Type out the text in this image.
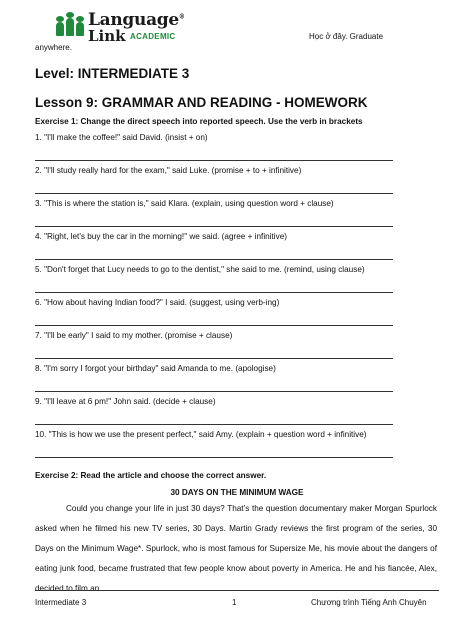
Language®
Link ACADEMIC	Học ở đây. Graduate
anywhere.
Level: INTERMEDIATE 3
Lesson 9: GRAMMAR AND READING - HOMEWORK
Exercise 1: Change the direct speech into reported speech. Use the verb in brackets
1. "I'll make the coffee!" said David. (insist + on)
2. "I'll study really hard for the exam," said Luke. (promise + to + infinitive)
3. "This is where the station is," said Klara. (explain, using question word + clause)
4. "Right, let's buy the car in the morning!" we said. (agree + infinitive)
5. "Don't forget that Lucy needs to go to the dentist," she said to me. (remind, using clause)
6. "How about having Indian food?" I said. (suggest, using verb-ing)
7. "I'll be early" I said to my mother. (promise + clause)
8. "I'm sorry I forgot your birthday" said Amanda to me. (apologise)
9. "I'll leave at 6 pm!" John said. (decide + clause)
10. "This is how we use the present perfect," said Amy. (explain + question word + infinitive)
Exercise 2: Read the article and choose the correct answer.
30 DAYS ON THE MINIMUM WAGE
Could you change your life in just 30 days? That’s the question documentary maker Morgan Spurlock asked when he filmed his new TV series, 30 Days. Martin Grady reviews the first program of the series, 30 Days on the Minimum Wage*. Spurlock, who is most famous for Supersize Me, his movie about the dangers of eating junk food, became frustrated that few people know about poverty in America. He and his fiancée, Alex, decided to film an
Intermediate 3	1	Chương trình Tiếng Anh Chuyên
